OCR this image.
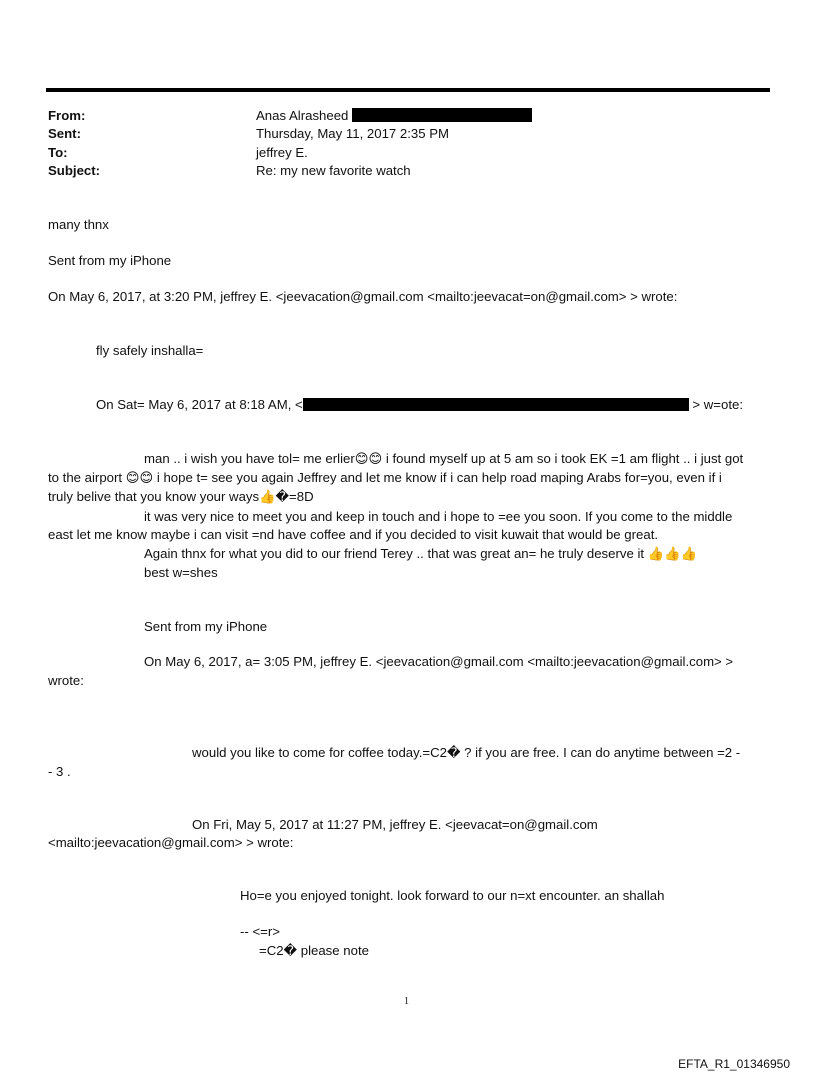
From:	Anas Alrasheed
Sent:	Thursday, May 11, 2017 2:35 PM
To:	jeffrey E.
Subject:	Re: my new favorite watch
many thnx
Sent from my iPhone
On May 6, 2017, at 3:20 PM, jeffrey E. <jeevacation@gmail.com <mailto:jeevacat=on@gmail.com> > wrote:
fly safely inshalla=
On Sat= May 6, 2017 at 8:18 AM, <	> w=ote:
man .. i wish you have tol= me erlier😊😊 i found myself up at 5 am so i took EK =1 am flight .. i just got
to the airport 😊😊 i hope t= see you again Jeffrey and let me know if i can help road maping Arabs for=you, even if i
truly belive that you know your ways👍�=8D
it was very nice to meet you and keep in touch and i hope to =ee you soon. If you come to the middle
east let me know maybe i can visit =nd have coffee and if you decided to visit kuwait that would be great.
Again thnx for what you did to our friend Terey .. that was great an= he truly deserve it 👍👍👍
best w=shes
Sent from my iPhone
On May 6, 2017, a= 3:05 PM, jeffrey E. <jeevacation@gmail.com <mailto:jeevacation@gmail.com> >
wrote:
would you like to come for coffee today.=C2� ? if you are free. I can do anytime between =2 -
- 3 .
On Fri, May 5, 2017 at 11:27 PM, jeffrey E. <jeevacat=on@gmail.com
<mailto:jeevacation@gmail.com> > wrote:
Ho=e you enjoyed tonight. look forward to our n=xt encounter. an shallah
-- <=r>
=C2� please note
1
EFTA_R1_01346950
